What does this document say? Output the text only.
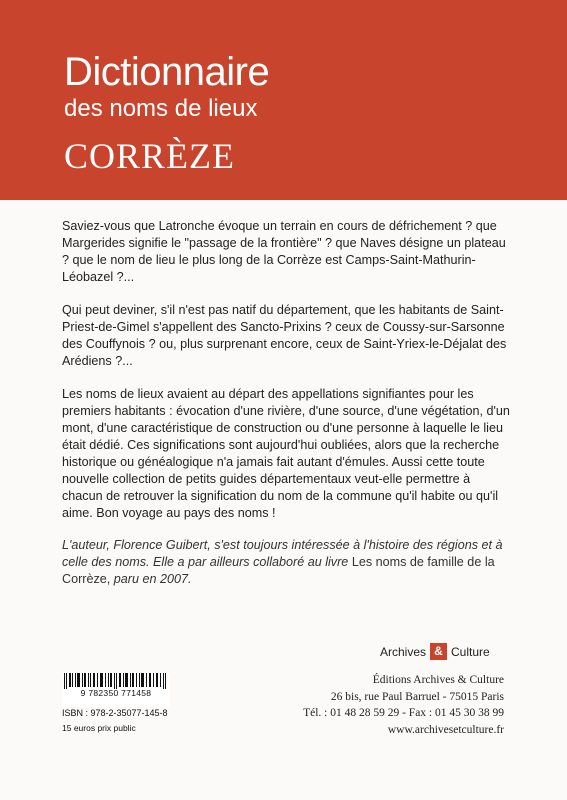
Dictionnaire
des noms de lieux
CORRÈZE

Saviez-vous que Latronche évoque un terrain en cours de défrichement ? que Margerides signifie le "passage de la frontière" ? que Naves désigne un plateau ? que le nom de lieu le plus long de la Corrèze est Camps-Saint-Mathurin-Léobazel ?...

Qui peut deviner, s'il n'est pas natif du département, que les habitants de Saint-Priest-de-Gimel s'appellent des Sancto-Prixins ? ceux de Coussy-sur-Sarsonne des Couffynois ? ou, plus surprenant encore, ceux de Saint-Yriex-le-Déjalat des Arédiens ?...

Les noms de lieux avaient au départ des appellations signifiantes pour les premiers habitants : évocation d'une rivière, d'une source, d'une végétation, d'un mont, d'une caractéristique de construction ou d'une personne à laquelle le lieu était dédié. Ces significations sont aujourd'hui oubliées, alors que la recherche historique ou généalogique n'a jamais fait autant d'émules. Aussi cette toute nouvelle collection de petits guides départementaux veut-elle permettre à chacun de retrouver la signification du nom de la commune qu'il habite ou qu'il aime. Bon voyage au pays des noms !

L'auteur, Florence Guibert, s'est toujours intéressée à l'histoire des régions et à celle des noms. Elle a par ailleurs collaboré au livre Les noms de famille de la Corrèze, paru en 2007.
Archives & Culture
Éditions Archives & Culture
26 bis, rue Paul Barruel - 75015 Paris
Tél. : 01 48 28 59 29 - Fax : 01 45 30 38 99
www.archivesetculture.fr
9 782350 771458
ISBN : 978-2-35077-145-8
15 euros prix public
